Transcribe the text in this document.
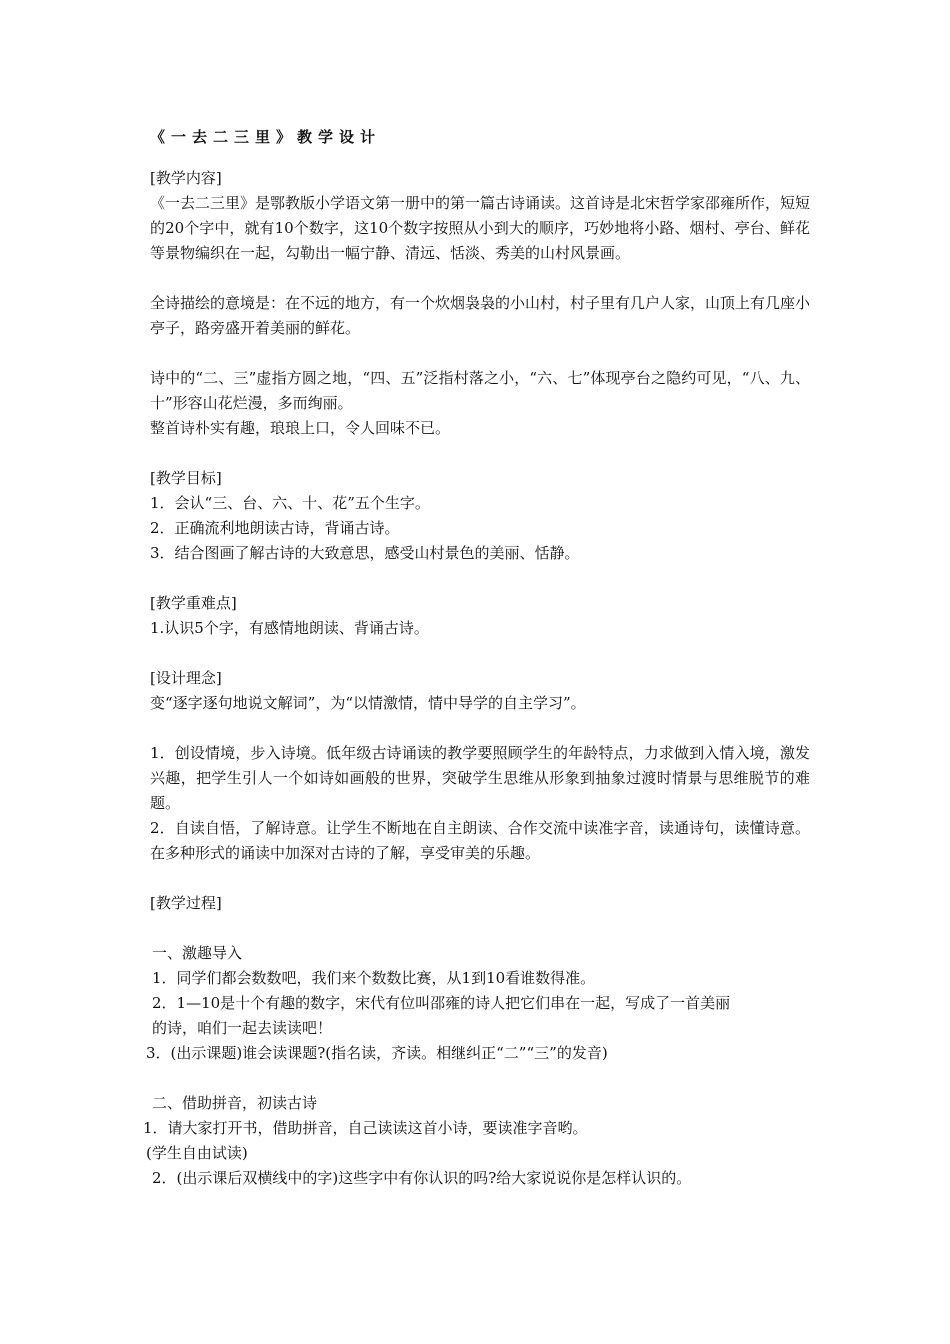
《一去二三里》教学设计

[教学内容]

《一去二三里》是鄂教版小学语文第一册中的第一篇古诗诵读。这首诗是北宋哲学家邵雍所作，短短的20个字中，就有10个数字，这10个数字按照从小到大的顺序，巧妙地将小路、烟村、亭台、鲜花等景物编织在一起，勾勒出一幅宁静、清远、恬淡、秀美的山村风景画。

全诗描绘的意境是：在不远的地方，有一个炊烟袅袅的小山村，村子里有几户人家，山顶上有几座小亭子，路旁盛开着美丽的鲜花。

诗中的“二、三”虚指方圆之地，“四、五”泛指村落之小，“六、七”体现亭台之隐约可见，“八、九、十”形容山花烂漫，多而绚丽。

整首诗朴实有趣，琅琅上口，令人回味不已。

[教学目标]

1．会认“三、台、六、十、花”五个生字。

2．正确流利地朗读古诗，背诵古诗。

3．结合图画了解古诗的大致意思，感受山村景色的美丽、恬静。

[教学重难点]

1.认识5个字，有感情地朗读、背诵古诗。

[设计理念]

变“逐字逐句地说文解词”，为“以情激情，情中导学的自主学习”。

1．创设情境，步入诗境。低年级古诗诵读的教学要照顾学生的年龄特点，力求做到入情入境，激发兴趣，把学生引人一个如诗如画般的世界，突破学生思维从形象到抽象过渡时情景与思维脱节的难题。

2．自读自悟，了解诗意。让学生不断地在自主朗读、合作交流中读准字音，读通诗句，读懂诗意。在多种形式的诵读中加深对古诗的了解，享受审美的乐趣。

[教学过程]

一、激趣导入

1．同学们都会数数吧，我们来个数数比赛，从1到10看谁数得准。

2．1—10是十个有趣的数字，宋代有位叫邵雍的诗人把它们串在一起，写成了一首美丽

的诗，咱们一起去读读吧！

3．(出示课题)谁会读课题?(指名读，齐读。相继纠正“二”“三”的发音)

二、借助拼音，初读古诗

1．请大家打开书，借助拼音，自己读读这首小诗，要读准字音哟。

(学生自由试读)

2．(出示课后双横线中的字)这些字中有你认识的吗?给大家说说你是怎样认识的。
